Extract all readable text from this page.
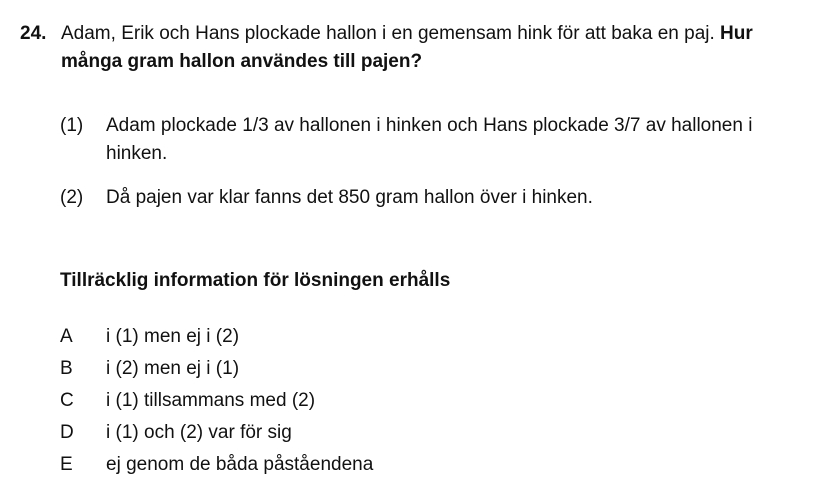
24. Adam, Erik och Hans plockade hallon i en gemensam hink för att baka en paj. Hur många gram hallon användes till pajen?
(1)	Adam plockade 1/3 av hallonen i hinken och Hans plockade 3/7 av hallonen i hinken.
(2)	Då pajen var klar fanns det 850 gram hallon över i hinken.
Tillräcklig information för lösningen erhålls
A	i (1) men ej i (2)
B	i (2) men ej i (1)
C	i (1) tillsammans med (2)
D	i (1) och (2) var för sig
E	ej genom de båda påståendena
